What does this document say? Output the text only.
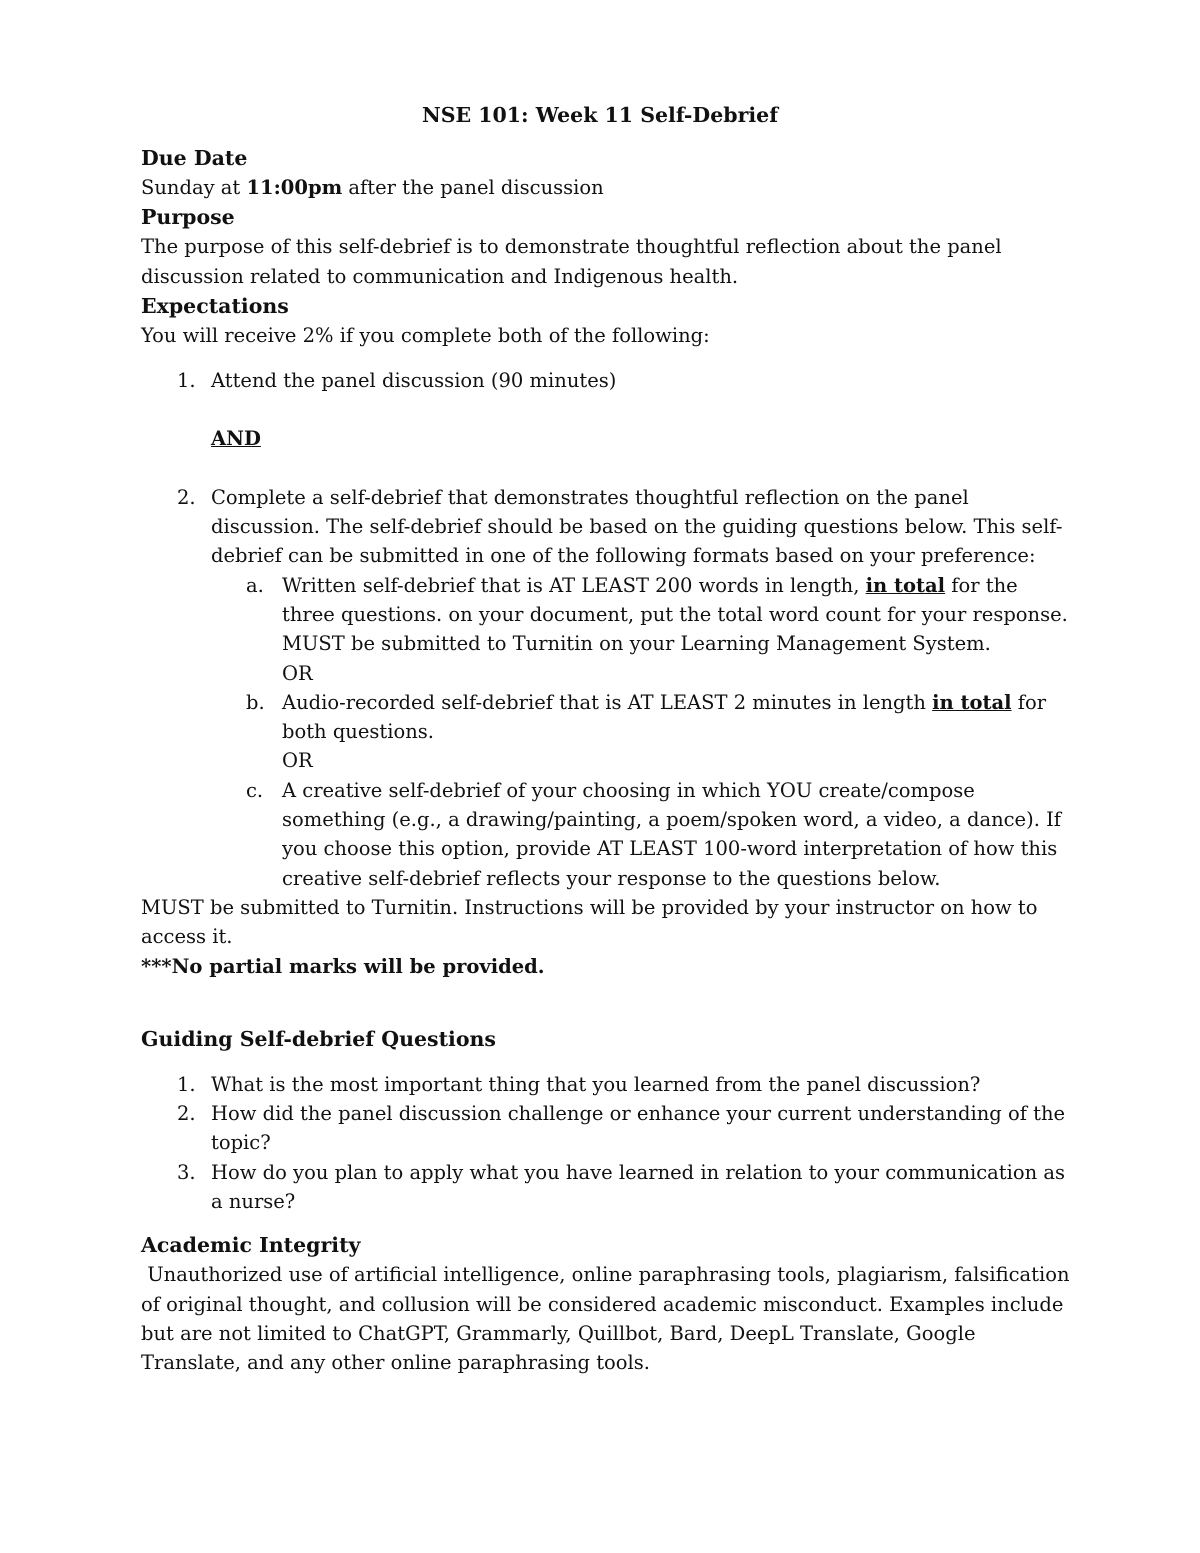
NSE 101: Week 11 Self-Debrief
Due Date

Sunday at 11:00pm after the panel discussion

Purpose

The purpose of this self-debrief is to demonstrate thoughtful reflection about the panel discussion related to communication and Indigenous health.

Expectations

You will receive 2% if you complete both of the following:

1. Attend the panel discussion (90 minutes)
AND
2. Complete a self-debrief that demonstrates thoughtful reflection on the panel discussion. The self-debrief should be based on the guiding questions below. This self-debrief can be submitted in one of the following formats based on your preference:
a. Written self-debrief that is AT LEAST 200 words in length, in total for the three questions. on your document, put the total word count for your response. MUST be submitted to Turnitin on your Learning Management System.
OR
b. Audio-recorded self-debrief that is AT LEAST 2 minutes in length in total for both questions.
OR
c. A creative self-debrief of your choosing in which YOU create/compose something (e.g., a drawing/painting, a poem/spoken word, a video, a dance). If you choose this option, provide AT LEAST 100-word interpretation of how this creative self-debrief reflects your response to the questions below.

MUST be submitted to Turnitin. Instructions will be provided by your instructor on how to access it.

***No partial marks will be provided.

Guiding Self-debrief Questions
1. What is the most important thing that you learned from the panel discussion?
2. How did the panel discussion challenge or enhance your current understanding of the topic?
3. How do you plan to apply what you have learned in relation to your communication as a nurse?
Academic Integrity

Unauthorized use of artificial intelligence, online paraphrasing tools, plagiarism, falsification of original thought, and collusion will be considered academic misconduct. Examples include but are not limited to ChatGPT, Grammarly, Quillbot, Bard, DeepL Translate, Google Translate, and any other online paraphrasing tools.
